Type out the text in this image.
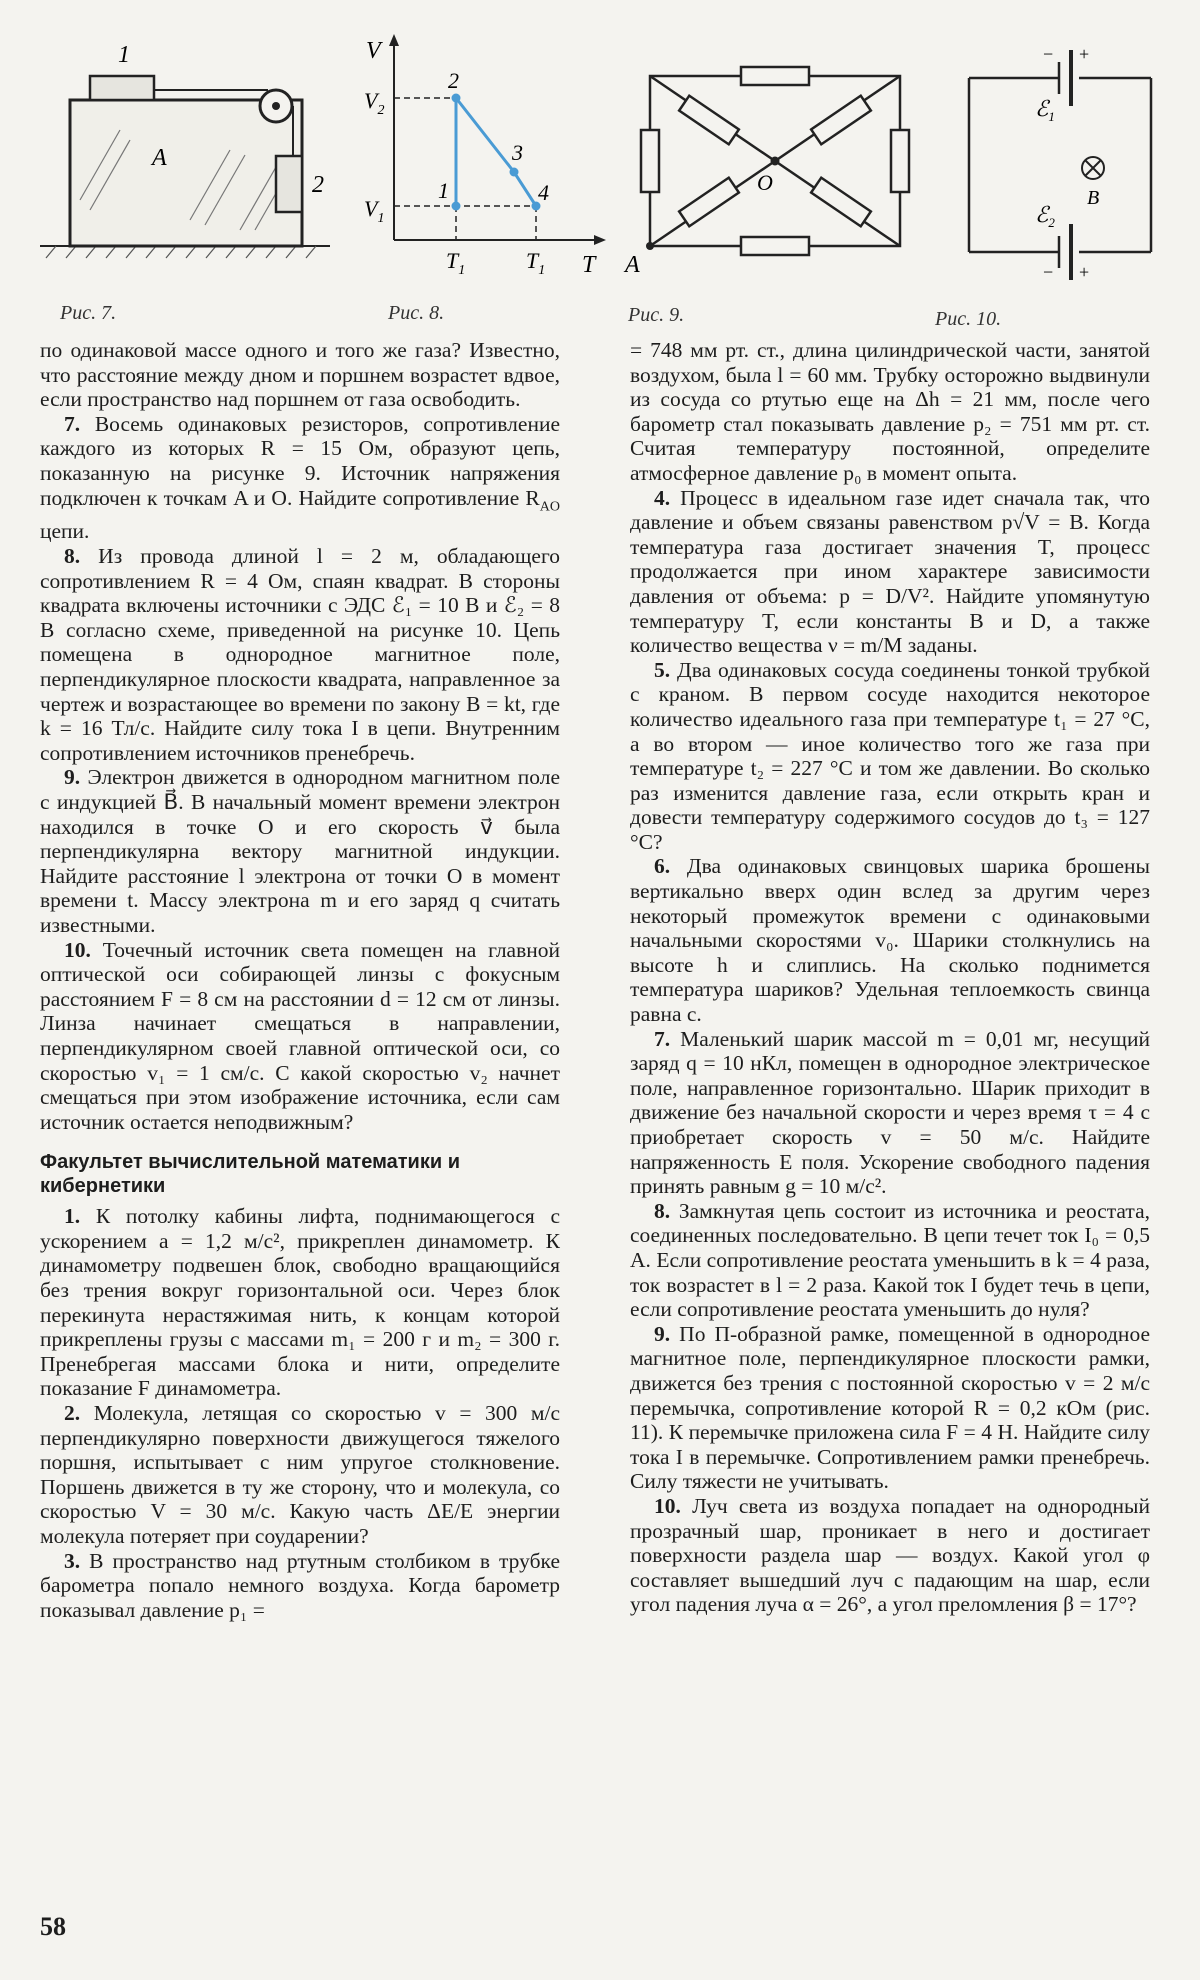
1
A
2
Рис. 7.
V
T
$V_2$
$V_1$
$T_1$	$T_1$
1
2
3
4
Рис. 8.
O
A
Рис. 9.
− +
− +
ℰ$_1$
ℰ$_2$
B
Рис. 10.

по одинаковой массе одного и того же газа? Известно, что расстояние между дном и поршнем возрастет вдвое, если пространство над поршнем от газа освободить.

7. Восемь одинаковых резисторов, сопротивление каждого из которых R = 15 Ом, образуют цепь, показанную на рисунке 9. Источник напряжения подключен к точкам A и O. Найдите сопротивление $R_{AO}$ цепи.

8. Из провода длиной l = 2 м, обладающего сопротивлением R = 4 Ом, спаян квадрат. В стороны квадрата включены источники с ЭДС ℰ₁ = 10 В и ℰ₂ = 8 В согласно схеме, приведенной на рисунке 10. Цепь помещена в однородное магнитное поле, перпендикулярное плоскости квадрата, направленное за чертеж и возрастающее во времени по закону B = kt, где k = 16 Тл/с. Найдите силу тока I в цепи. Внутренним сопротивлением источников пренебречь.

9. Электрон движется в однородном магнитном поле с индукцией B⃗. В начальный момент времени электрон находился в точке O и его скорость v⃗ была перпендикулярна вектору магнитной индукции. Найдите расстояние l электрона от точки O в момент времени t. Массу электрона m и его заряд q считать известными.

10. Точечный источник света помещен на главной оптической оси собирающей линзы с фокусным расстоянием F = 8 см на расстоянии d = 12 см от линзы. Линза начинает смещаться в направлении, перпендикулярном своей главной оптической оси, со скоростью v₁ = 1 см/с. С какой скоростью v₂ начнет смещаться при этом изображение источника, если сам источник остается неподвижным?

Факультет вычислительной математики и кибернетики

1. К потолку кабины лифта, поднимающегося с ускорением a = 1,2 м/с², прикреплен динамометр. К динамометру подвешен блок, свободно вращающийся без трения вокруг горизонтальной оси. Через блок перекинута нерастяжимая нить, к концам которой прикреплены грузы с массами m₁ = 200 г и m₂ = 300 г. Пренебрегая массами блока и нити, определите показание F динамометра.

2. Молекула, летящая со скоростью v = 300 м/с перпендикулярно поверхности движущегося тяжелого поршня, испытывает с ним упругое столкновение. Поршень движется в ту же сторону, что и молекула, со скоростью V = 30 м/с. Какую часть ΔE/E энергии молекула потеряет при соударении?

3. В пространство над ртутным столбиком в трубке барометра попало немного воздуха. Когда барометр показывал давление p₁ =

= 748 мм рт. ст., длина цилиндрической части, занятой воздухом, была l = 60 мм. Трубку осторожно выдвинули из сосуда со ртутью еще на Δh = 21 мм, после чего барометр стал показывать давление p₂ = 751 мм рт. ст. Считая температуру постоянной, определите атмосферное давление p₀ в момент опыта.

4. Процесс в идеальном газе идет сначала так, что давление и объем связаны равенством p√V = B. Когда температура газа достигает значения T, процесс продолжается при ином характере зависимости давления от объема: p = D/V². Найдите упомянутую температуру T, если константы B и D, а также количество вещества ν = m/M заданы.

5. Два одинаковых сосуда соединены тонкой трубкой с краном. В первом сосуде находится некоторое количество идеального газа при температуре t₁ = 27 °C, а во втором — иное количество того же газа при температуре t₂ = 227 °C и том же давлении. Во сколько раз изменится давление газа, если открыть кран и довести температуру содержимого сосудов до t₃ = 127 °C?

6. Два одинаковых свинцовых шарика брошены вертикально вверх один вслед за другим через некоторый промежуток времени с одинаковыми начальными скоростями v₀. Шарики столкнулись на высоте h и слиплись. На сколько поднимется температура шариков? Удельная теплоемкость свинца равна c.

7. Маленький шарик массой m = 0,01 мг, несущий заряд q = 10 нКл, помещен в однородное электрическое поле, направленное горизонтально. Шарик приходит в движение без начальной скорости и через время τ = 4 с приобретает скорость v = 50 м/с. Найдите напряженность E поля. Ускорение свободного падения принять равным g = 10 м/с².

8. Замкнутая цепь состоит из источника и реостата, соединенных последовательно. В цепи течет ток I₀ = 0,5 А. Если сопротивление реостата уменьшить в k = 4 раза, ток возрастет в l = 2 раза. Какой ток I будет течь в цепи, если сопротивление реостата уменьшить до нуля?

9. По П-образной рамке, помещенной в однородное магнитное поле, перпендикулярное плоскости рамки, движется без трения с постоянной скоростью v = 2 м/с перемычка, сопротивление которой R = 0,2 кОм (рис. 11). К перемычке приложена сила F = 4 Н. Найдите силу тока I в перемычке. Сопротивлением рамки пренебречь. Силу тяжести не учитывать.

10. Луч света из воздуха попадает на однородный прозрачный шар, проникает в него и достигает поверхности раздела шар — воздух. Какой угол φ составляет вышедший луч с падающим на шар, если угол падения луча α = 26°, а угол преломления β = 17°?

58
